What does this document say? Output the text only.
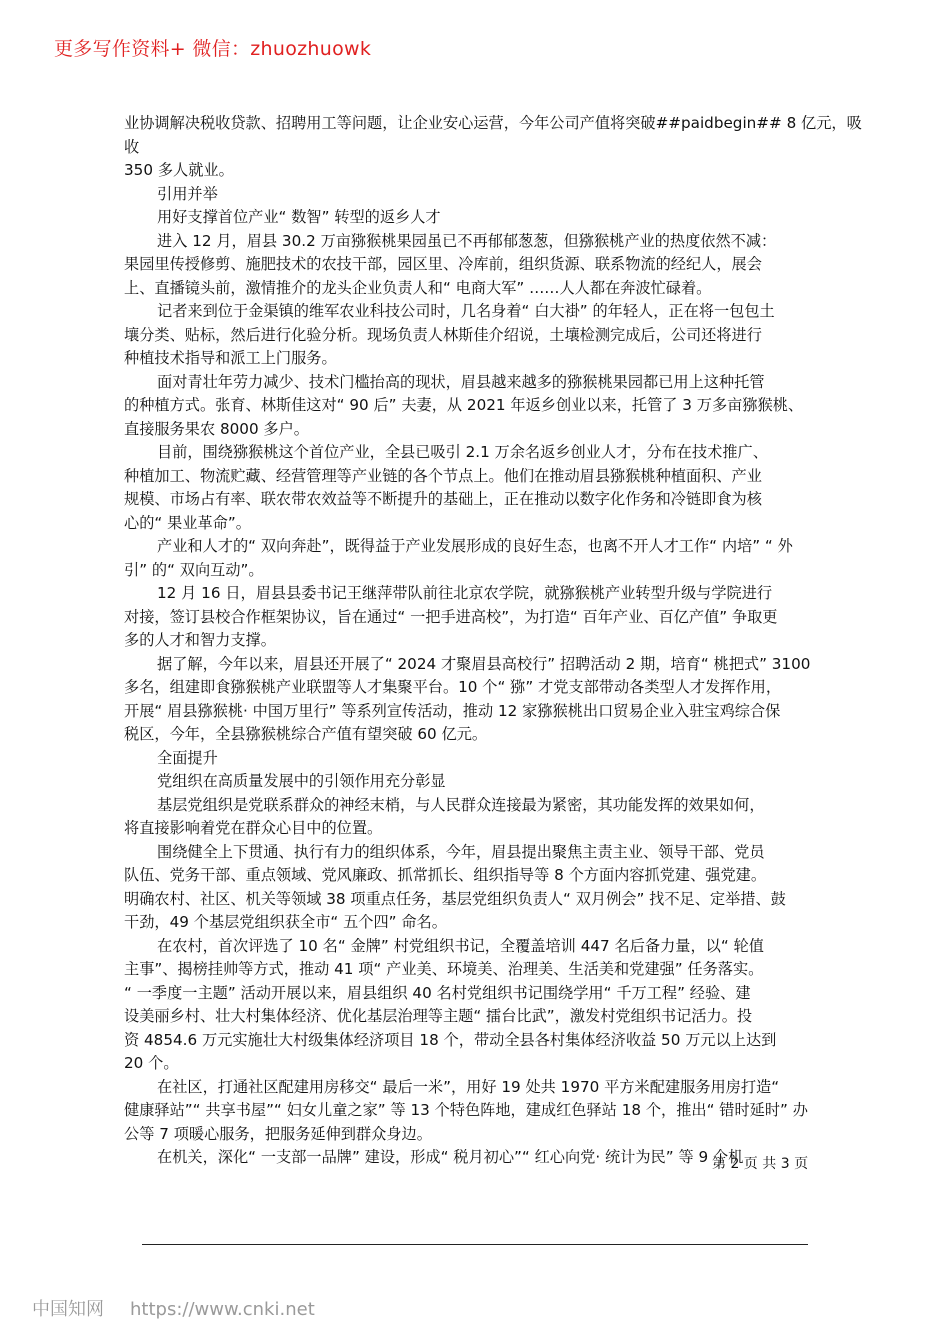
更多写作资料+ 微信：zhuozhuowk
业协调解决税收贷款、招聘用工等问题，让企业安心运营，今年公司产值将突破##paidbegin## 8 亿元，吸
收
350 多人就业。
引用并举
用好支撑首位产业“ 数智” 转型的返乡人才
进入 12 月，眉县 30.2 万亩猕猴桃果园虽已不再郁郁葱葱，但猕猴桃产业的热度依然不减：
果园里传授修剪、施肥技术的农技干部，园区里、冷库前，组织货源、联系物流的经纪人，展会
上、直播镜头前，激情推介的龙头企业负责人和“ 电商大军” ……人人都在奔波忙碌着。
记者来到位于金渠镇的维军农业科技公司时，几名身着“ 白大褂” 的年轻人，正在将一包包土
壤分类、贴标，然后进行化验分析。现场负责人林斯佳介绍说，土壤检测完成后，公司还将进行
种植技术指导和派工上门服务。
面对青壮年劳力减少、技术门槛抬高的现状，眉县越来越多的猕猴桃果园都已用上这种托管
的种植方式。张育、林斯佳这对“ 90 后” 夫妻，从 2021 年返乡创业以来，托管了 3 万多亩猕猴桃、
直接服务果农 8000 多户。
目前，围绕猕猴桃这个首位产业，全县已吸引 2.1 万余名返乡创业人才，分布在技术推广、
种植加工、物流贮藏、经营管理等产业链的各个节点上。他们在推动眉县猕猴桃种植面积、产业
规模、市场占有率、联农带农效益等不断提升的基础上，正在推动以数字化作务和冷链即食为核
心的“ 果业革命”。
产业和人才的“ 双向奔赴”，既得益于产业发展形成的良好生态，也离不开人才工作“ 内培” “ 外
引” 的“ 双向互动”。
12 月 16 日，眉县县委书记王继萍带队前往北京农学院，就猕猴桃产业转型升级与学院进行
对接，签订县校合作框架协议，旨在通过“ 一把手进高校”，为打造“ 百年产业、百亿产值” 争取更
多的人才和智力支撑。
据了解，今年以来，眉县还开展了“ 2024 才聚眉县高校行” 招聘活动 2 期，培育“ 桃把式” 3100
多名，组建即食猕猴桃产业联盟等人才集聚平台。10 个“ 猕” 才党支部带动各类型人才发挥作用，
开展“ 眉县猕猴桃· 中国万里行” 等系列宣传活动，推动 12 家猕猴桃出口贸易企业入驻宝鸡综合保
税区，今年，全县猕猴桃综合产值有望突破 60 亿元。
全面提升
党组织在高质量发展中的引领作用充分彰显
基层党组织是党联系群众的神经末梢，与人民群众连接最为紧密，其功能发挥的效果如何，
将直接影响着党在群众心目中的位置。
围绕健全上下贯通、执行有力的组织体系，今年，眉县提出聚焦主责主业、领导干部、党员
队伍、党务干部、重点领域、党风廉政、抓常抓长、组织指导等 8 个方面内容抓党建、强党建。
明确农村、社区、机关等领域 38 项重点任务，基层党组织负责人“ 双月例会” 找不足、定举措、鼓
干劲，49 个基层党组织获全市“ 五个四” 命名。
在农村，首次评选了 10 名“ 金牌” 村党组织书记，全覆盖培训 447 名后备力量，以“ 轮值
主事”、揭榜挂帅等方式，推动 41 项“ 产业美、环境美、治理美、生活美和党建强” 任务落实。
“ 一季度一主题” 活动开展以来，眉县组织 40 名村党组织书记围绕学用“ 千万工程” 经验、建
设美丽乡村、壮大村集体经济、优化基层治理等主题“ 擂台比武”，激发村党组织书记活力。投
资 4854.6 万元实施壮大村级集体经济项目 18 个，带动全县各村集体经济收益 50 万元以上达到
20 个。
在社区，打通社区配建用房移交“ 最后一米”，用好 19 处共 1970 平方米配建服务用房打造“
健康驿站”“ 共享书屋”“ 妇女儿童之家” 等 13 个特色阵地，建成红色驿站 18 个，推出“ 错时延时” 办
公等 7 项暖心服务，把服务延伸到群众身边。
在机关，深化“ 一支部一品牌” 建设，形成“ 税月初心”“ 红心向党· 统计为民” 等 9 个机
第 2 页 共 3 页
中国知网 https://www.cnki.net
